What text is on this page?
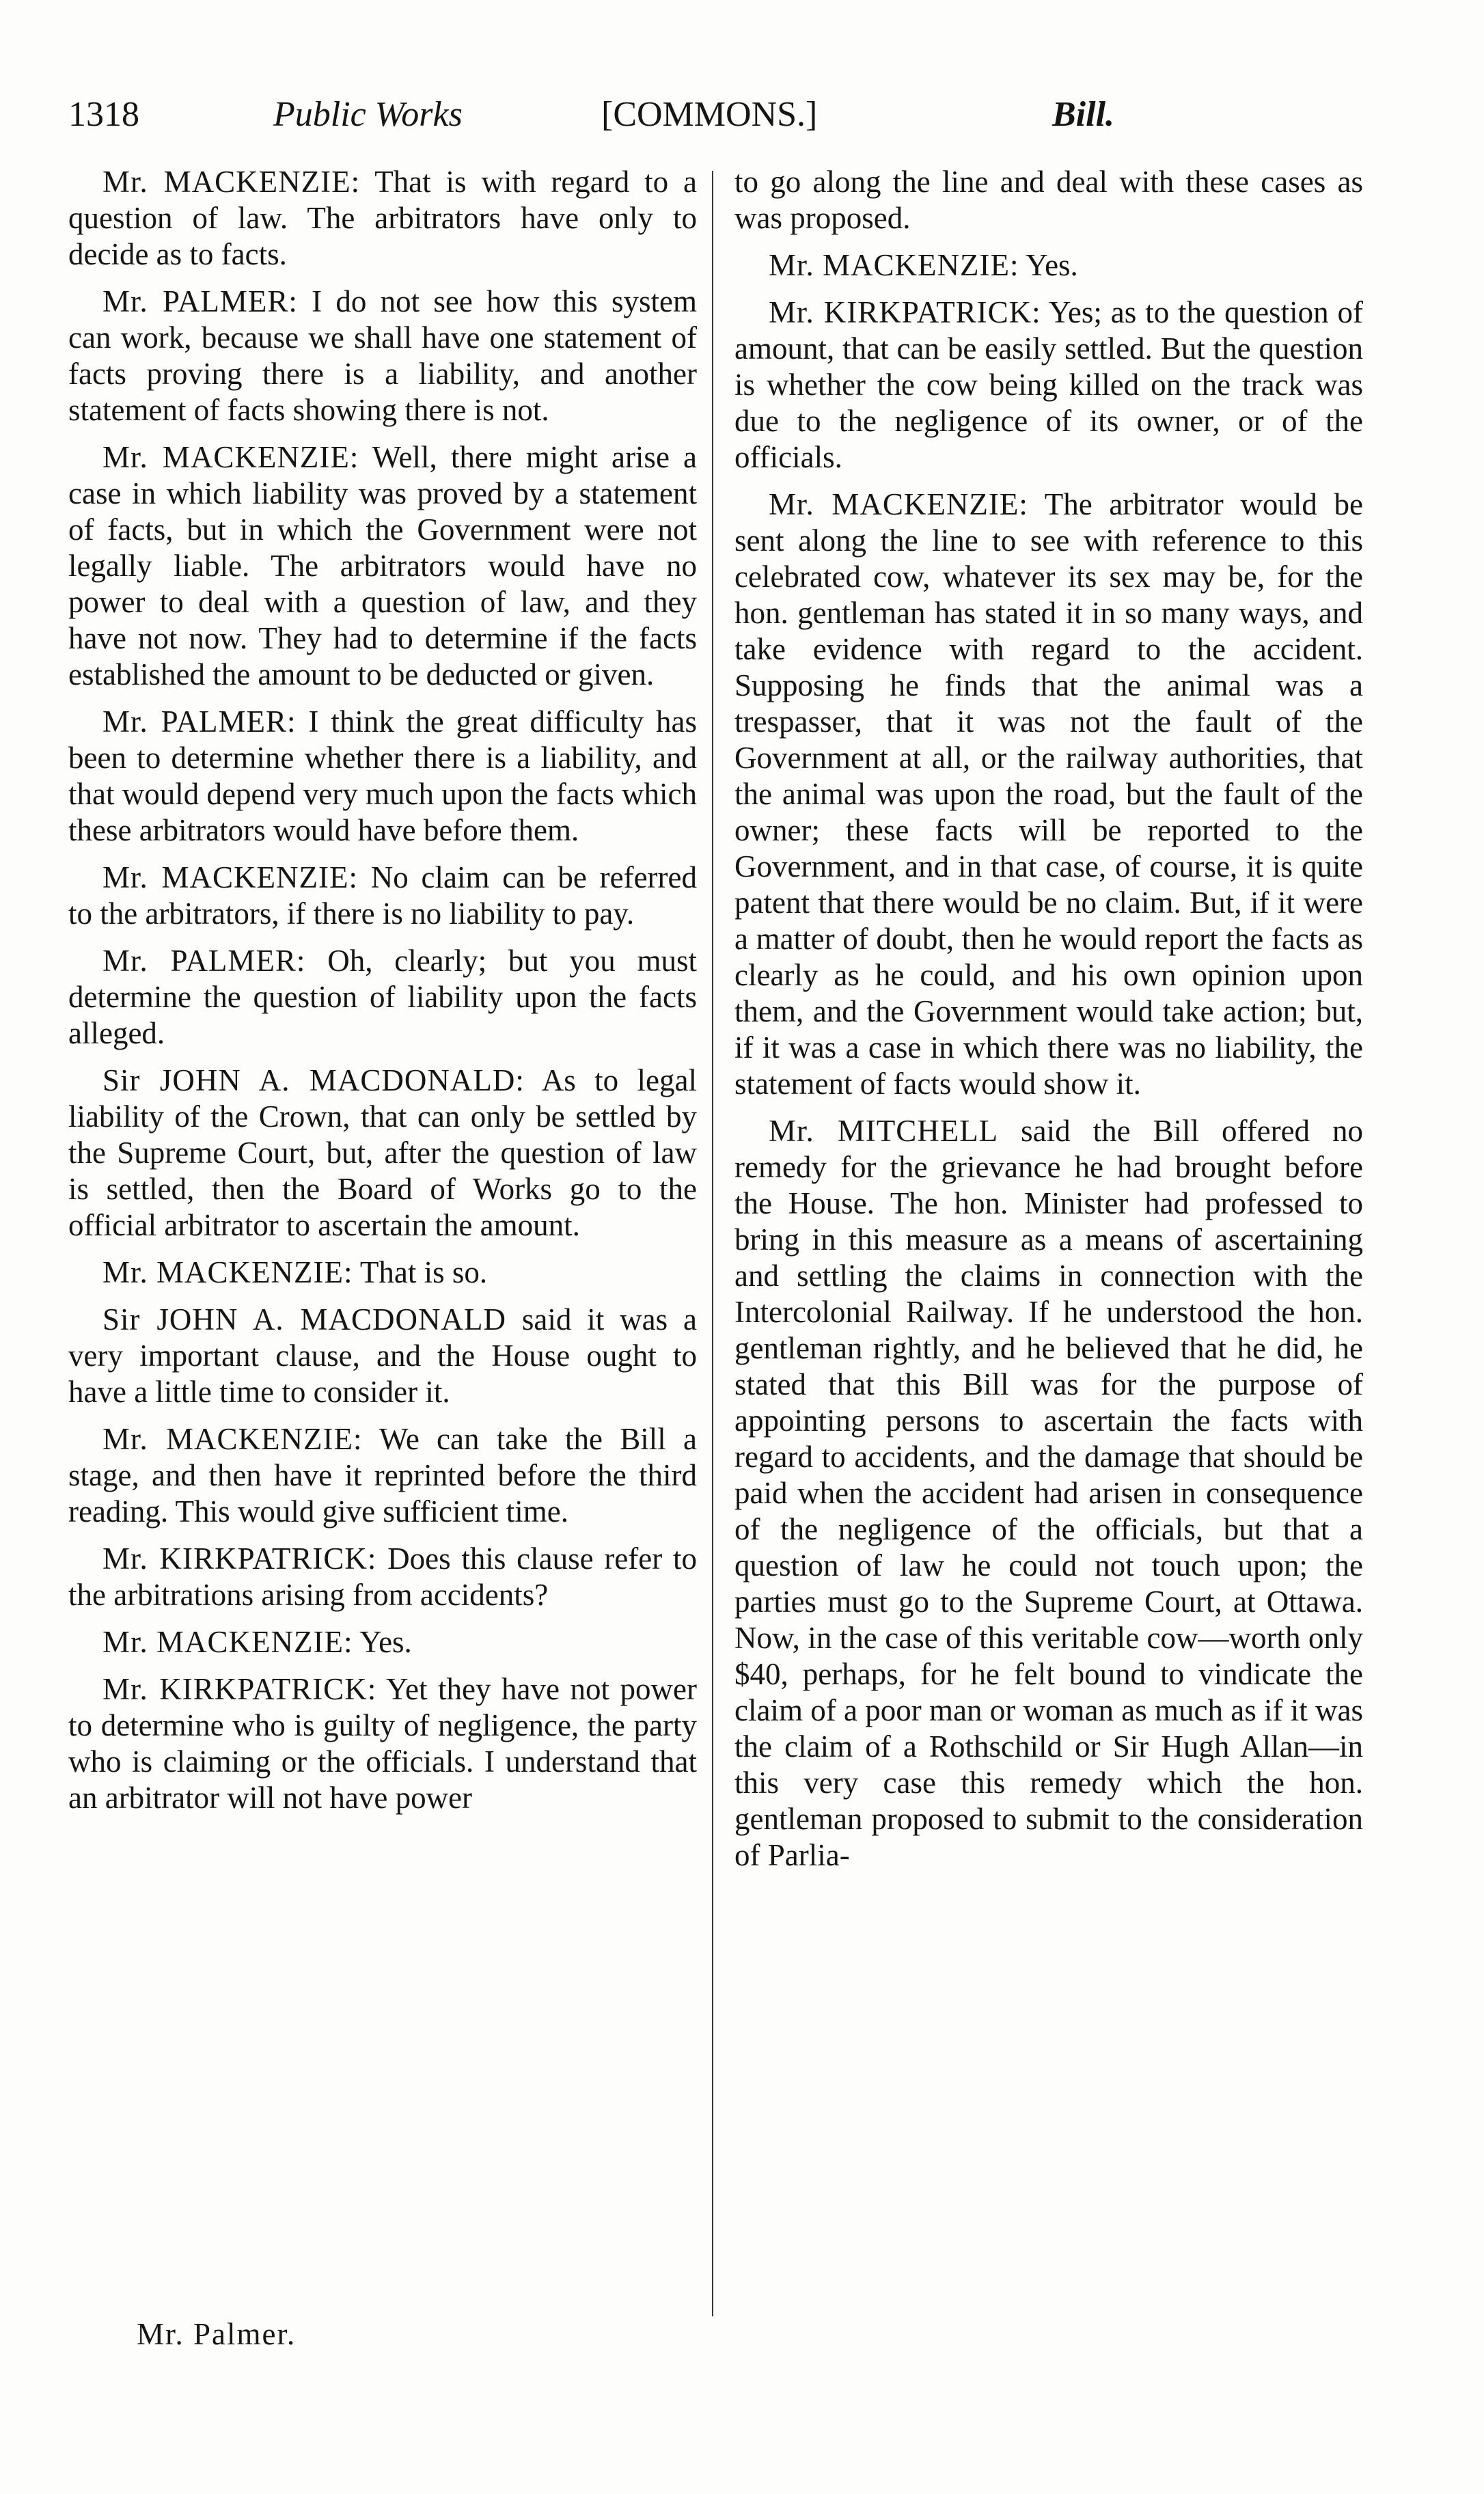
1318	Public Works	[COMMONS.]	Bill.

Mr. MACKENZIE: That is with regard to a question of law. The arbitrators have only to decide as to facts.

Mr. PALMER: I do not see how this system can work, because we shall have one statement of facts proving there is a liability, and another statement of facts showing there is not.

Mr. MACKENZIE: Well, there might arise a case in which liability was proved by a statement of facts, but in which the Government were not legally liable. The arbitrators would have no power to deal with a question of law, and they have not now. They had to determine if the facts established the amount to be deducted or given.

Mr. PALMER: I think the great difficulty has been to determine whether there is a liability, and that would depend very much upon the facts which these arbitrators would have before them.

Mr. MACKENZIE: No claim can be referred to the arbitrators, if there is no liability to pay.

Mr. PALMER: Oh, clearly; but you must determine the question of liability upon the facts alleged.

Sir JOHN A. MACDONALD: As to legal liability of the Crown, that can only be settled by the Supreme Court, but, after the question of law is settled, then the Board of Works go to the official arbitrator to ascertain the amount.

Mr. MACKENZIE: That is so.

Sir JOHN A. MACDONALD said it was a very important clause, and the House ought to have a little time to consider it.

Mr. MACKENZIE: We can take the Bill a stage, and then have it reprinted before the third reading. This would give sufficient time.

Mr. KIRKPATRICK: Does this clause refer to the arbitrations arising from accidents?

Mr. MACKENZIE: Yes.

Mr. KIRKPATRICK: Yet they have not power to determine who is guilty of negligence, the party who is claiming or the officials. I understand that an arbitrator will not have power

to go along the line and deal with these cases as was proposed.

Mr. MACKENZIE: Yes.

Mr. KIRKPATRICK: Yes; as to the question of amount, that can be easily settled. But the question is whether the cow being killed on the track was due to the negligence of its owner, or of the officials.

Mr. MACKENZIE: The arbitrator would be sent along the line to see with reference to this celebrated cow, whatever its sex may be, for the hon. gentleman has stated it in so many ways, and take evidence with regard to the accident. Supposing he finds that the animal was a trespasser, that it was not the fault of the Government at all, or the railway authorities, that the animal was upon the road, but the fault of the owner; these facts will be reported to the Government, and in that case, of course, it is quite patent that there would be no claim. But, if it were a matter of doubt, then he would report the facts as clearly as he could, and his own opinion upon them, and the Government would take action; but, if it was a case in which there was no liability, the statement of facts would show it.

Mr. MITCHELL said the Bill offered no remedy for the grievance he had brought before the House. The hon. Minister had professed to bring in this measure as a means of ascertaining and settling the claims in connection with the Intercolonial Railway. If he understood the hon. gentleman rightly, and he believed that he did, he stated that this Bill was for the purpose of appointing persons to ascertain the facts with regard to accidents, and the damage that should be paid when the accident had arisen in consequence of the negligence of the officials, but that a question of law he could not touch upon; the parties must go to the Supreme Court, at Ottawa. Now, in the case of this veritable cow—worth only $40, perhaps, for he felt bound to vindicate the claim of a poor man or woman as much as if it was the claim of a Rothschild or Sir Hugh Allan—in this very case this remedy which the hon. gentleman proposed to submit to the consideration of Parlia-

Mr. Palmer.
